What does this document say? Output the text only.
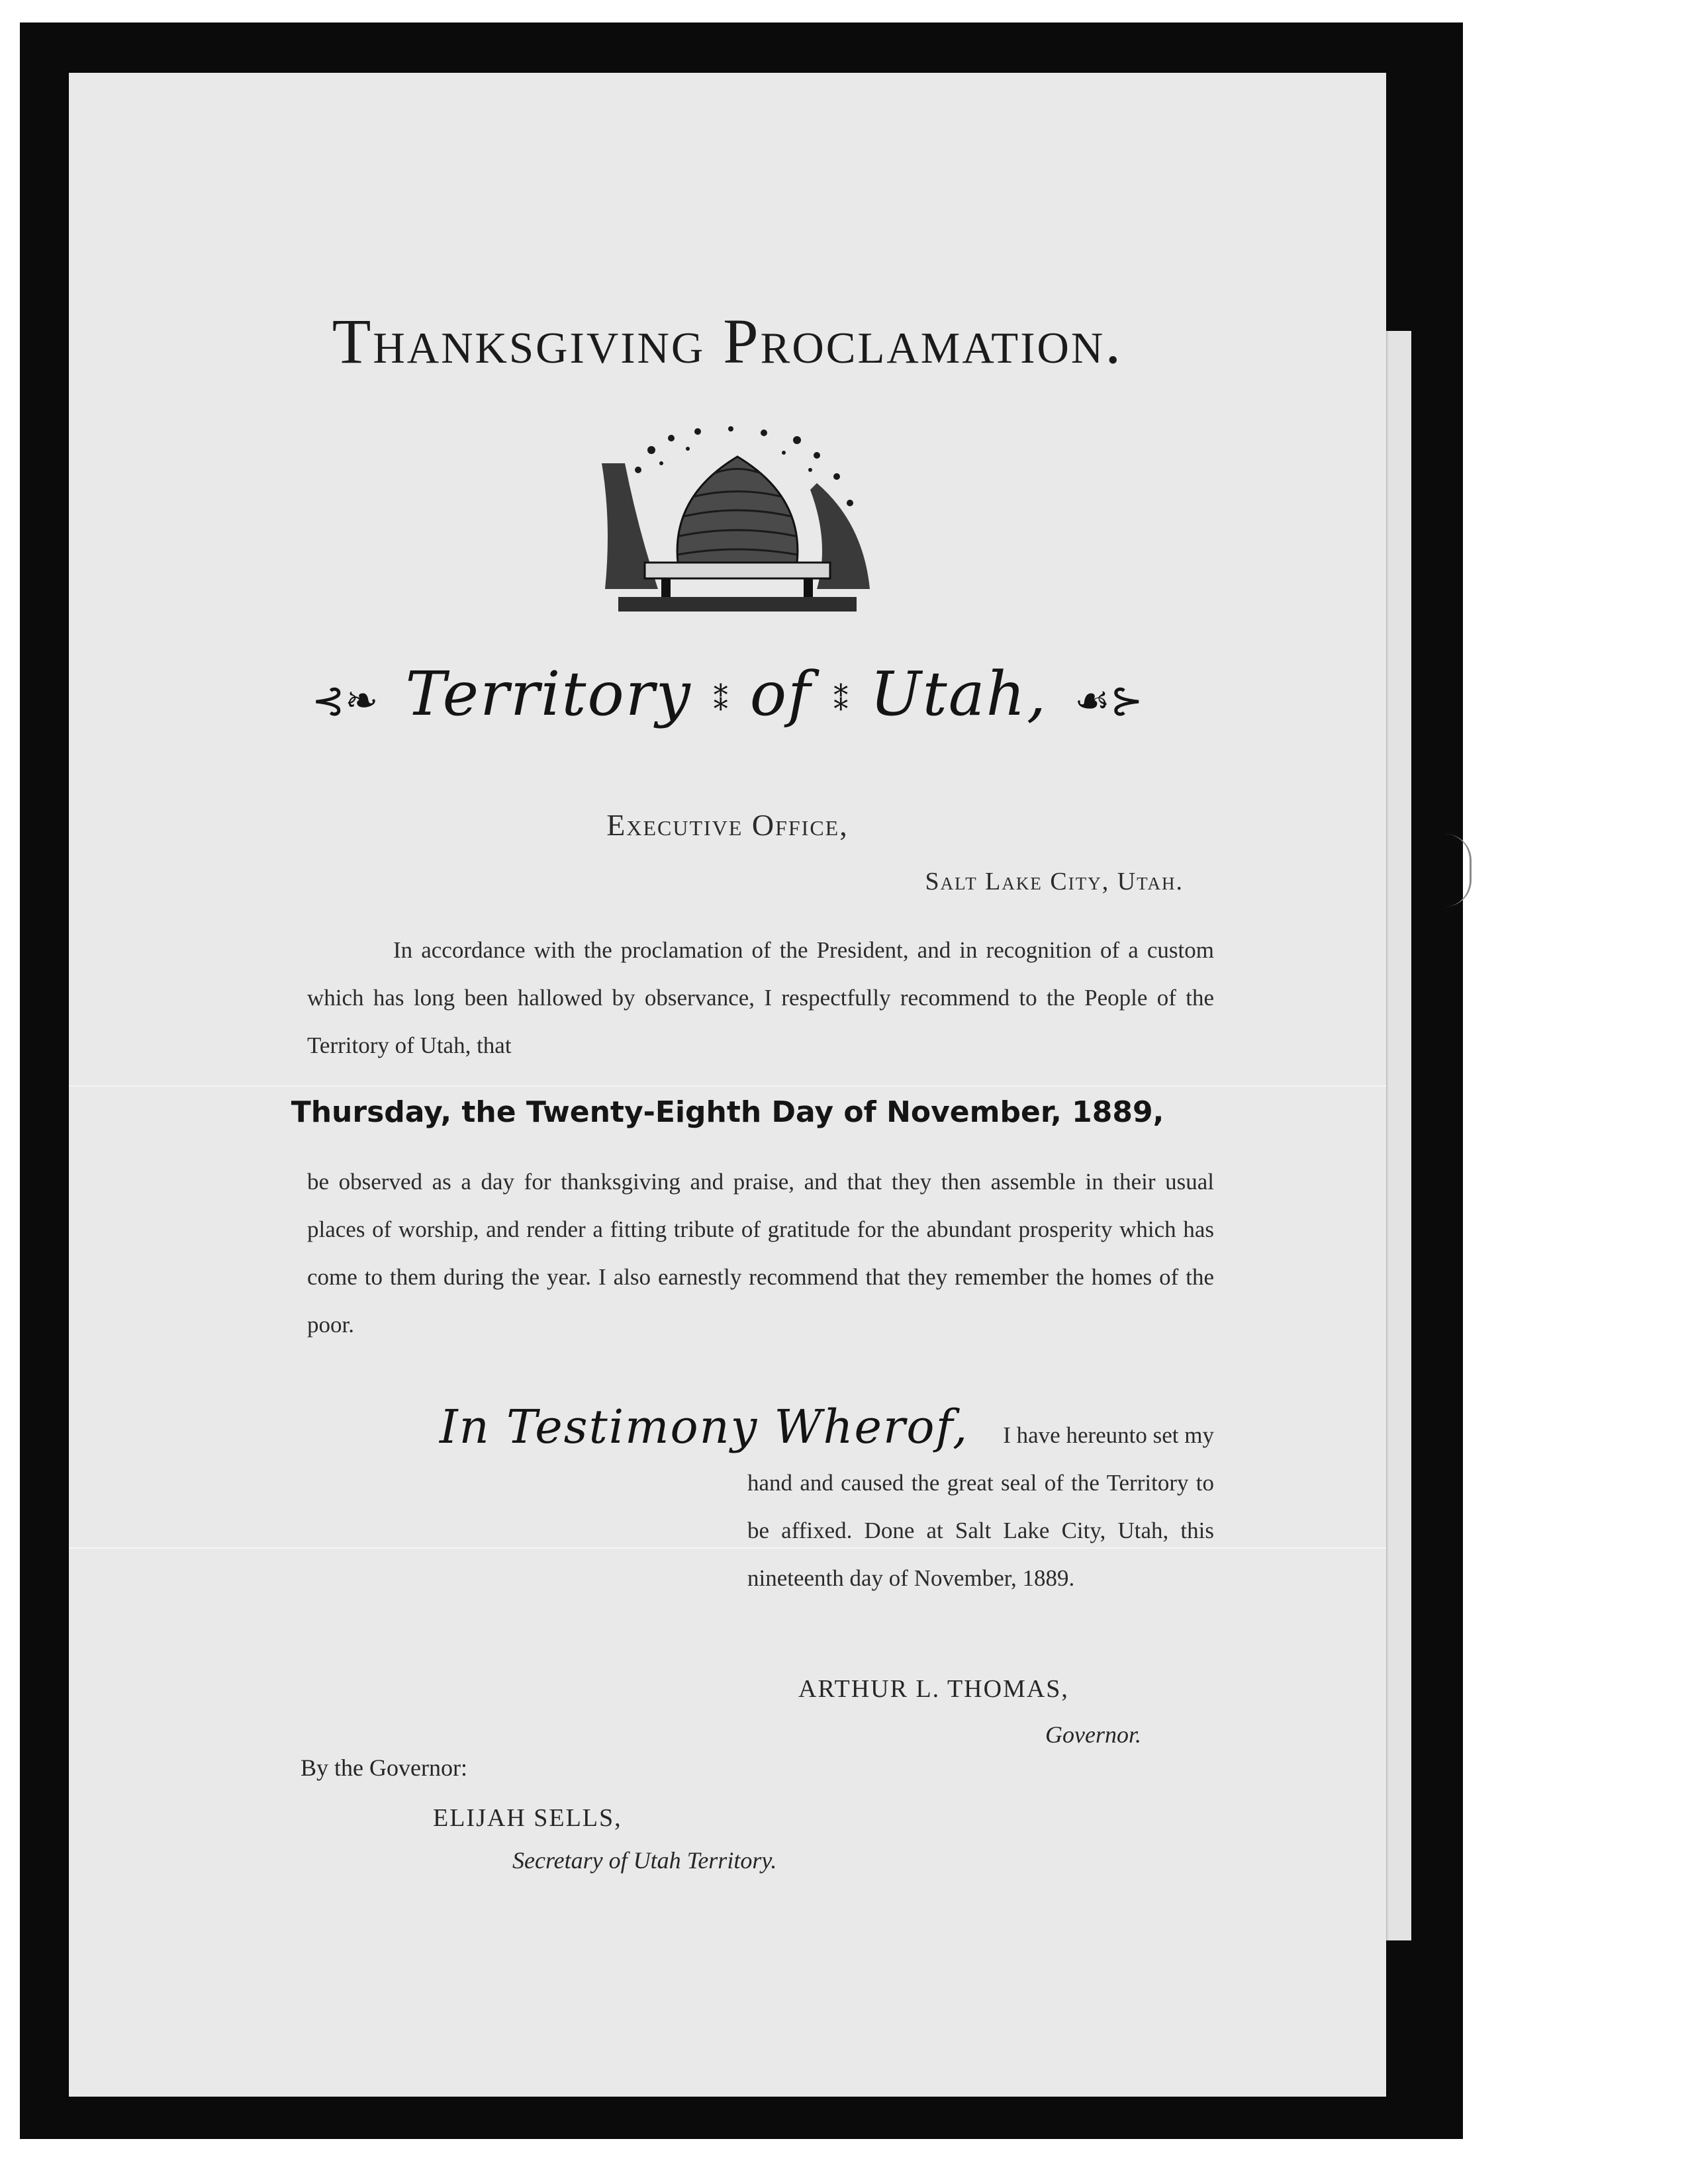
Thanksgiving Proclamation.
⊰❧ Territory ⁑ of ⁑ Utah, ☙⊱
Executive Office,
Salt Lake City, Utah.
In accordance with the proclamation of the President, and in recognition of a custom which has long been hallowed by observance, I respectfully recommend to the People of the Territory of Utah, that
Thursday, the Twenty-Eighth Day of November, 1889,
be observed as a day for thanksgiving and praise, and that they then assemble in their usual places of worship, and render a fitting tribute of gratitude for the abundant prosperity which has come to them during the year. I also earnestly recommend that they remember the homes of the poor.
In Testimony Wherof, I have hereunto set my
hand and caused the great seal of the Territory to be affixed. Done at Salt Lake City, Utah, this nineteenth day of November, 1889.
ARTHUR L. THOMAS,
Governor.
By the Governor:
ELIJAH SELLS,
Secretary of Utah Territory.
